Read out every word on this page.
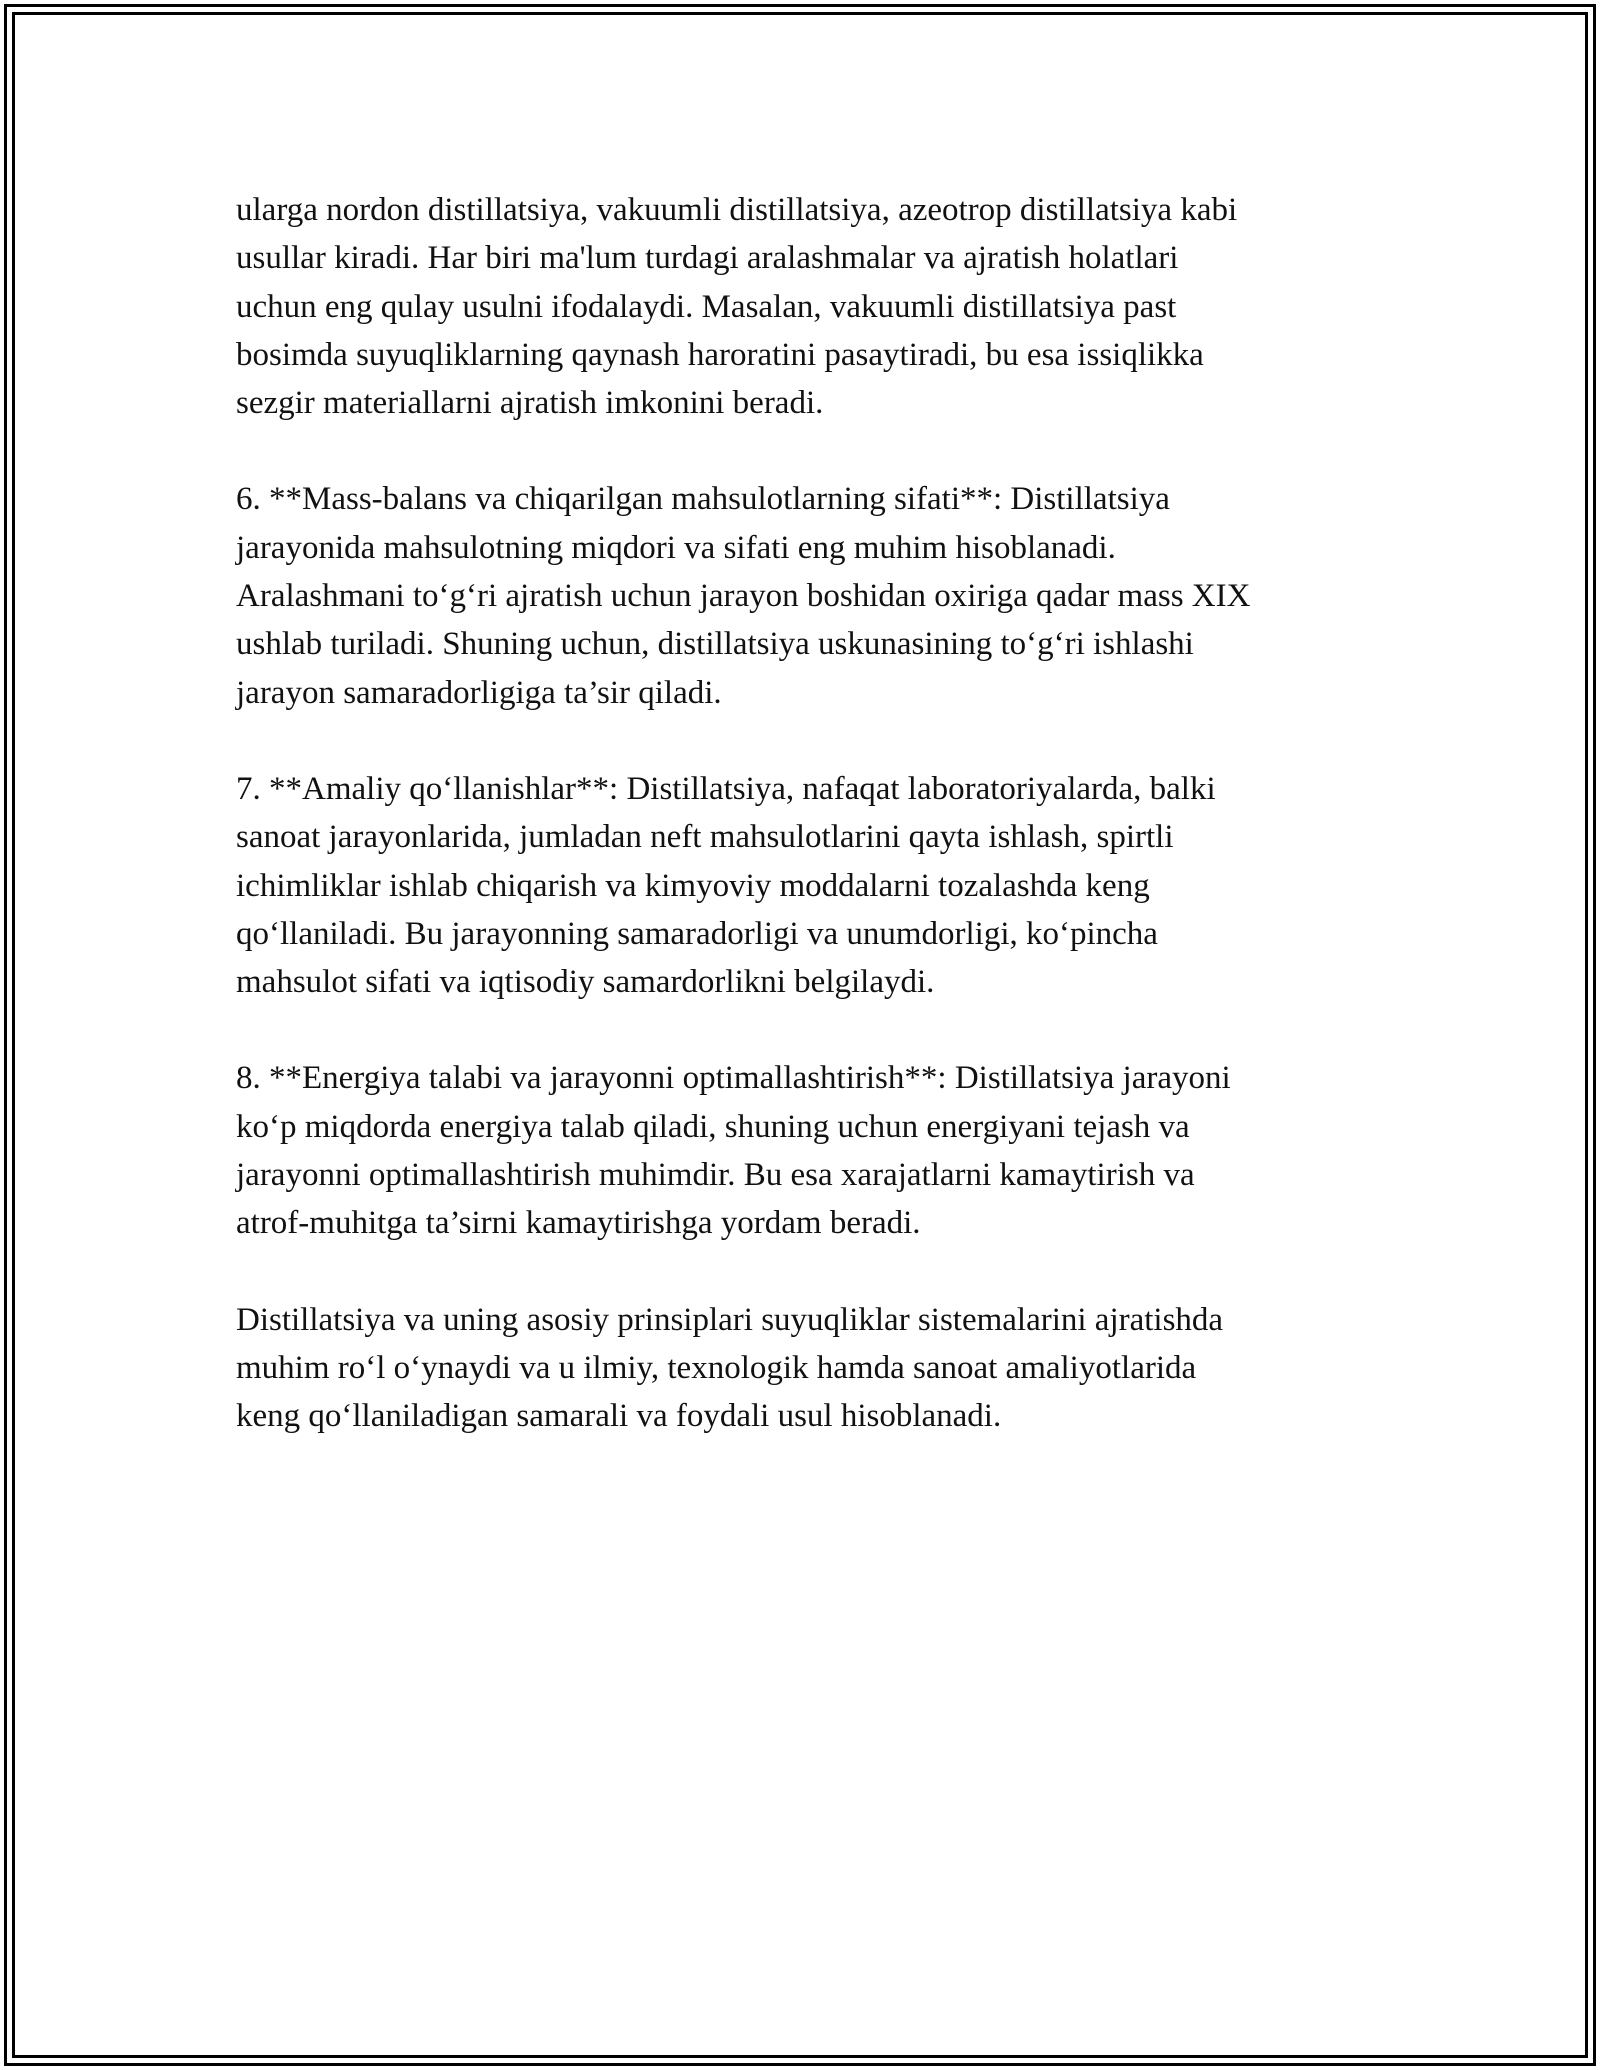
ularga nordon distillatsiya, vakuumli distillatsiya, azeotrop distillatsiya kabi
usullar kiradi. Har biri ma'lum turdagi aralashmalar va ajratish holatlari
uchun eng qulay usulni ifodalaydi. Masalan, vakuumli distillatsiya past
bosimda suyuqliklarning qaynash haroratini pasaytiradi, bu esa issiqlikka
sezgir materiallarni ajratish imkonini beradi.

6. **Mass-balans va chiqarilgan mahsulotlarning sifati**: Distillatsiya
jarayonida mahsulotning miqdori va sifati eng muhim hisoblanadi.
Aralashmani to‘g‘ri ajratish uchun jarayon boshidan oxiriga qadar mass XIX
ushlab turiladi. Shuning uchun, distillatsiya uskunasining to‘g‘ri ishlashi
jarayon samaradorligiga ta’sir qiladi.

7. **Amaliy qo‘llanishlar**: Distillatsiya, nafaqat laboratoriyalarda, balki
sanoat jarayonlarida, jumladan neft mahsulotlarini qayta ishlash, spirtli
ichimliklar ishlab chiqarish va kimyoviy moddalarni tozalashda keng
qo‘llaniladi. Bu jarayonning samaradorligi va unumdorligi, ko‘pincha
mahsulot sifati va iqtisodiy samardorlikni belgilaydi.

8. **Energiya talabi va jarayonni optimallashtirish**: Distillatsiya jarayoni
ko‘p miqdorda energiya talab qiladi, shuning uchun energiyani tejash va
jarayonni optimallashtirish muhimdir. Bu esa xarajatlarni kamaytirish va
atrof-muhitga ta’sirni kamaytirishga yordam beradi.

Distillatsiya va uning asosiy prinsiplari suyuqliklar sistemalarini ajratishda
muhim ro‘l o‘ynaydi va u ilmiy, texnologik hamda sanoat amaliyotlarida
keng qo‘llaniladigan samarali va foydali usul hisoblanadi.
